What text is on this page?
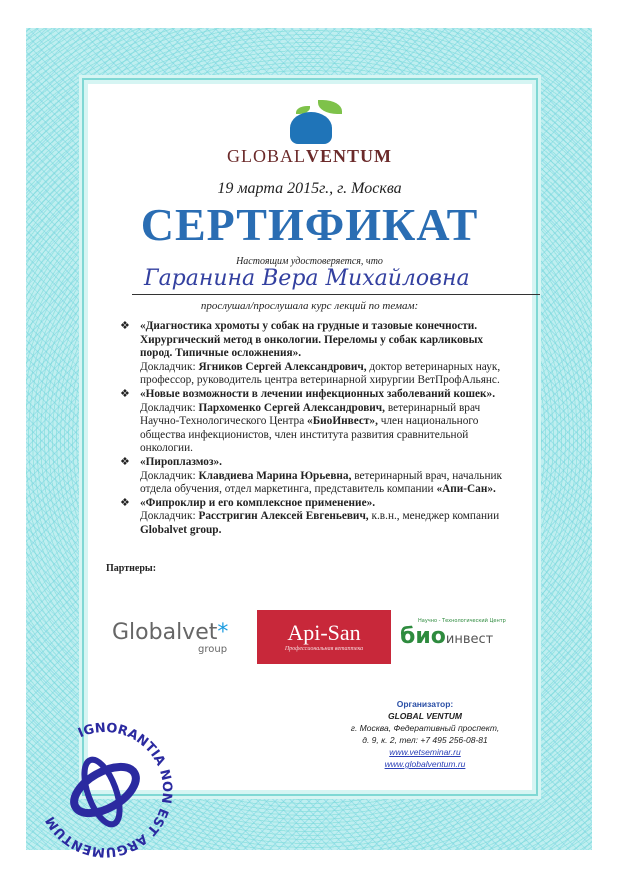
GLOBALVENTUM
19 марта 2015г., г. Москва
СЕРТИФИКАТ
Настоящим удостоверяется, что
Гаранина Вера Михайловна
прослушал/прослушала курс лекций по темам:
❖ «Диагностика хромоты у собак на грудные и тазовые конечности. Хирургический метод в онкологии. Переломы у собак карликовых пород. Типичные осложнения».
Докладчик: Ягников Сергей Александрович, доктор ветеринарных наук, профессор, руководитель центра ветеринарной хирургии ВетПрофАльянс.
❖ «Новые возможности в лечении инфекционных заболеваний кошек».
Докладчик: Пархоменко Сергей Александрович, ветеринарный врач Научно-Технологического Центра «БиоИнвест», член национального общества инфекционистов, член института развития сравнительной онкологии.
❖ «Пироплазмоз».
Докладчик: Клавдиева Марина Юрьевна, ветеринарный врач, начальник отдела обучения, отдел маркетинга, представитель компании «Апи-Сан».
❖ «Фипроклир и его комплексное применение».
Докладчик: Расстригин Алексей Евгеньевич, к.в.н., менеджер компании Globalvet group.
Партнеры:
Globalvet*
group
Api-San
Профессиональная ветаптека
Научно - Технологический Центр
биоинвест
Организатор:
GLOBAL VENTUM
г. Москва, Федеративный проспект,
д. 9, к. 2, тел: +7 495 256-08-81
www.vetseminar.ru
www.globalventum.ru
IGNORANTIA NON EST ARGUMENTUM
